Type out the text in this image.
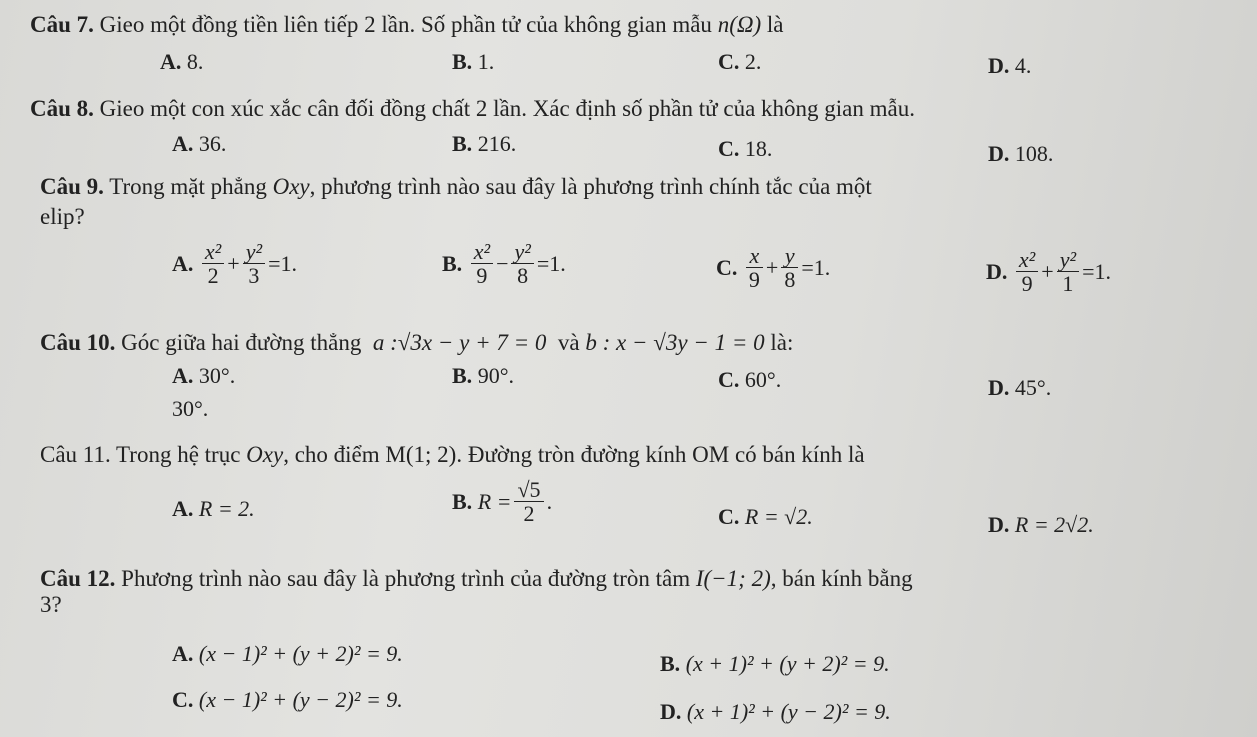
Câu 7. Gieo một đồng tiền liên tiếp 2 lần. Số phần tử của không gian mẫu n(Ω) là
A. 8.	B. 1.	C. 2.	D. 4.
Câu 8. Gieo một con xúc xắc cân đối đồng chất 2 lần. Xác định số phần tử của không gian mẫu.
A. 36.	B. 216.	C. 18.	D. 108.
Câu 9. Trong mặt phẳng Oxy, phương trình nào sau đây là phương trình chính tắc của một
elip?
A.
$\frac{\text{x²}}{2} + \frac{\text{y²}}{3} =1$.	B.
$\frac{\text{x²}}{9} - \frac{\text{y²}}{8} =1$.	C.
$\frac{x}{9} + \frac{y}{8} =1$.	D.
$\frac{\text{x²}}{9} + \frac{\text{y²}}{1} =1$.
Câu 10. Góc giữa hai đường thẳng a :√3x − y + 7 = 0 và b : x − √3y − 1 = 0 là:
A. 30°.	B. 90°.	C. 60°.	D. 45°.
30°.
Câu 11. Trong hệ trục Oxy, cho điểm M(1; 2). Đường tròn đường kính OM có bán kính là
A. R = 2.	B.
$R = \frac{√5}{2}$ .
C. R = √2.	D. R = 2√2.
Câu 12. Phương trình nào sau đây là phương trình của đường tròn tâm I(−1; 2), bán kính bằng
3?
A. (x − 1)² + (y + 2)² = 9.	B. (x + 1)² + (y + 2)² = 9.
C. (x − 1)² + (y − 2)² = 9.	D. (x + 1)² + (y − 2)² = 9.
